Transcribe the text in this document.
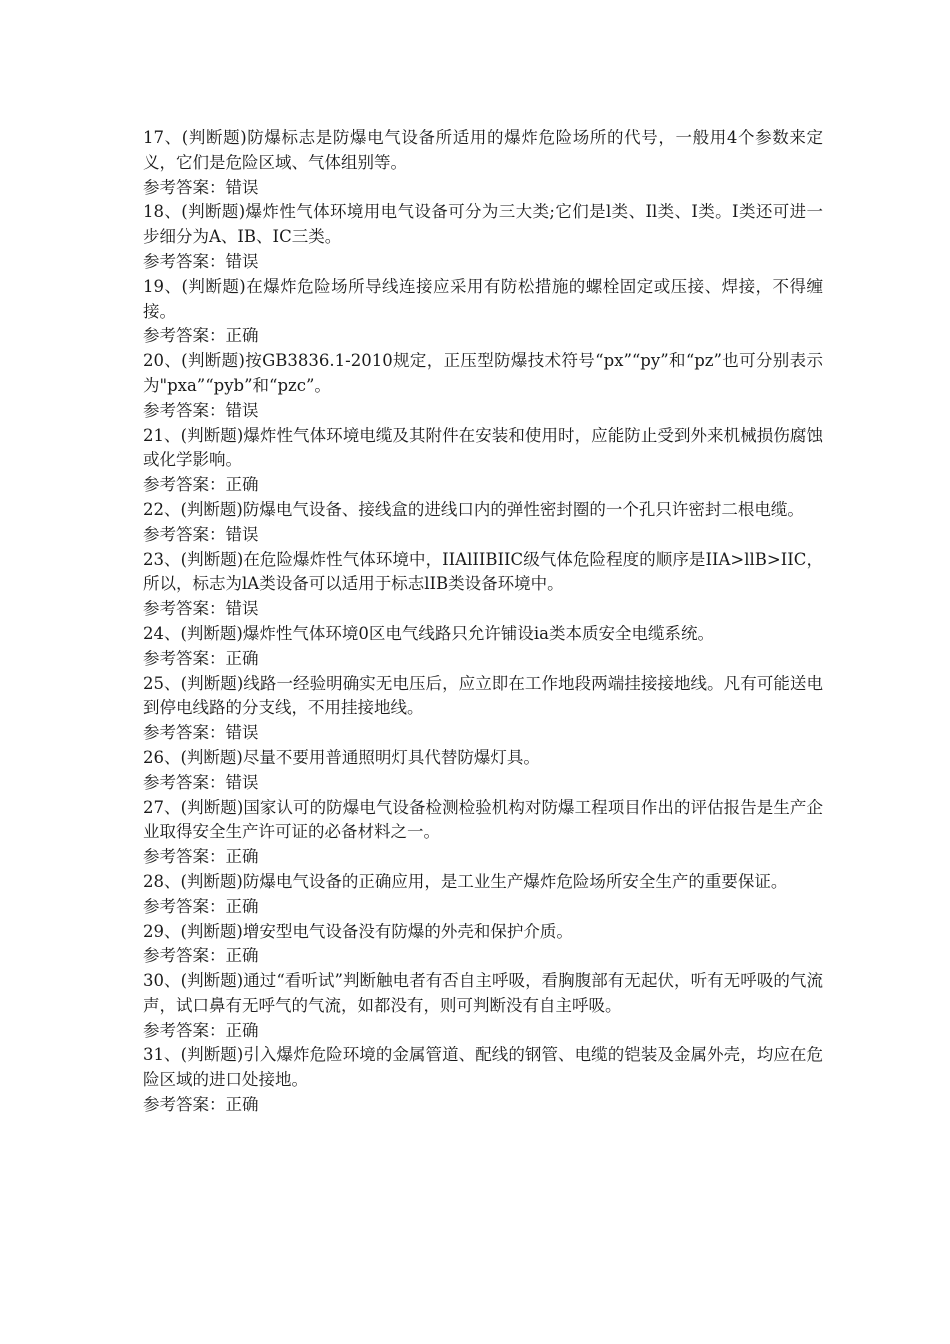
17、(判断题)防爆标志是防爆电气设备所适用的爆炸危险场所的代号，一般用4个参数来定义，它们是危险区域、气体组别等。

参考答案：错误

18、(判断题)爆炸性气体环境用电气设备可分为三大类;它们是l类、Il类、I类。I类还可进一步细分为A、IB、IC三类。

参考答案：错误

19、(判断题)在爆炸危险场所导线连接应采用有防松措施的螺栓固定或压接、焊接，不得缠接。

参考答案：正确

20、(判断题)按GB3836.1-2010规定，正压型防爆技术符号“px”“py”和“pz”也可分别表示为"pxa”“pyb”和“pzc”。

参考答案：错误

21、(判断题)爆炸性气体环境电缆及其附件在安装和使用时，应能防止受到外来机械损伤腐蚀或化学影响。

参考答案：正确

22、(判断题)防爆电气设备、接线盒的进线口内的弹性密封圈的一个孔只许密封二根电缆。

参考答案：错误

23、(判断题)在危险爆炸性气体环境中，IIAlIIBIIC级气体危险程度的顺序是IIA>llB>IIC，所以，标志为lA类设备可以适用于标志lIB类设备环境中。

参考答案：错误

24、(判断题)爆炸性气体环境0区电气线路只允许铺设ia类本质安全电缆系统。

参考答案：正确

25、(判断题)线路一经验明确实无电压后，应立即在工作地段两端挂接接地线。凡有可能送电到停电线路的分支线，不用挂接地线。

参考答案：错误

26、(判断题)尽量不要用普通照明灯具代替防爆灯具。

参考答案：错误

27、(判断题)国家认可的防爆电气设备检测检验机构对防爆工程项目作出的评估报告是生产企业取得安全生产许可证的必备材料之一。

参考答案：正确

28、(判断题)防爆电气设备的正确应用，是工业生产爆炸危险场所安全生产的重要保证。

参考答案：正确

29、(判断题)增安型电气设备没有防爆的外壳和保护介质。

参考答案：正确

30、(判断题)通过“看听试”判断触电者有否自主呼吸，看胸腹部有无起伏，听有无呼吸的气流声，试口鼻有无呼气的气流，如都没有，则可判断没有自主呼吸。

参考答案：正确

31、(判断题)引入爆炸危险环境的金属管道、配线的钢管、电缆的铠装及金属外壳，均应在危险区域的进口处接地。

参考答案：正确
